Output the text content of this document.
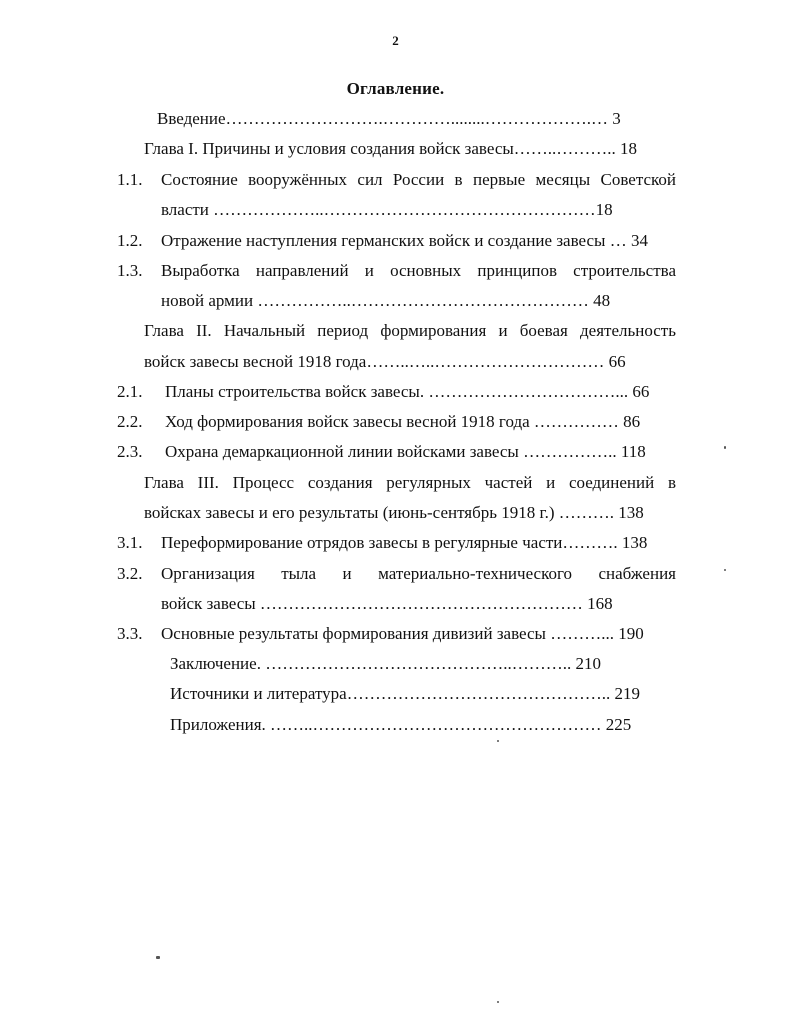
2
Оглавление.
Введение……………………….…………........……………….… 3
Глава I. Причины и условия создания войск завесы……..……….. 18
1.1. Состояние вооружённых сил России в первые месяцы Советской
власти ………………..…………………………………………18
1.2. Отражение наступления германских войск и создание завесы … 34
1.3. Выработка направлений и основных принципов строительства
новой армии ……………..…………………………………… 48
Глава II. Начальный период формирования и боевая деятельность
войск завесы весной 1918 года……..…..………………………… 66
2.1. Планы строительства войск завесы. ……………………………... 66
2.2. Ход формирования войск завесы весной 1918 года …………… 86
2.3. Охрана демаркационной линии войсками завесы …………….. 118
Глава III. Процесс создания регулярных частей и соединений в
войсках завесы и его результаты (июнь-сентябрь 1918 г.) ………. 138
3.1. Переформирование отрядов завесы в регулярные части………. 138
3.2. Организация тыла и материально-технического снабжения
войск завесы ………………………………………………… 168
3.3. Основные результаты формирования дивизий завесы ………... 190
Заключение. ……………………………………..……….. 210
Источники и литература……………………………………….. 219
Приложения. ……..…………………………………………… 225
